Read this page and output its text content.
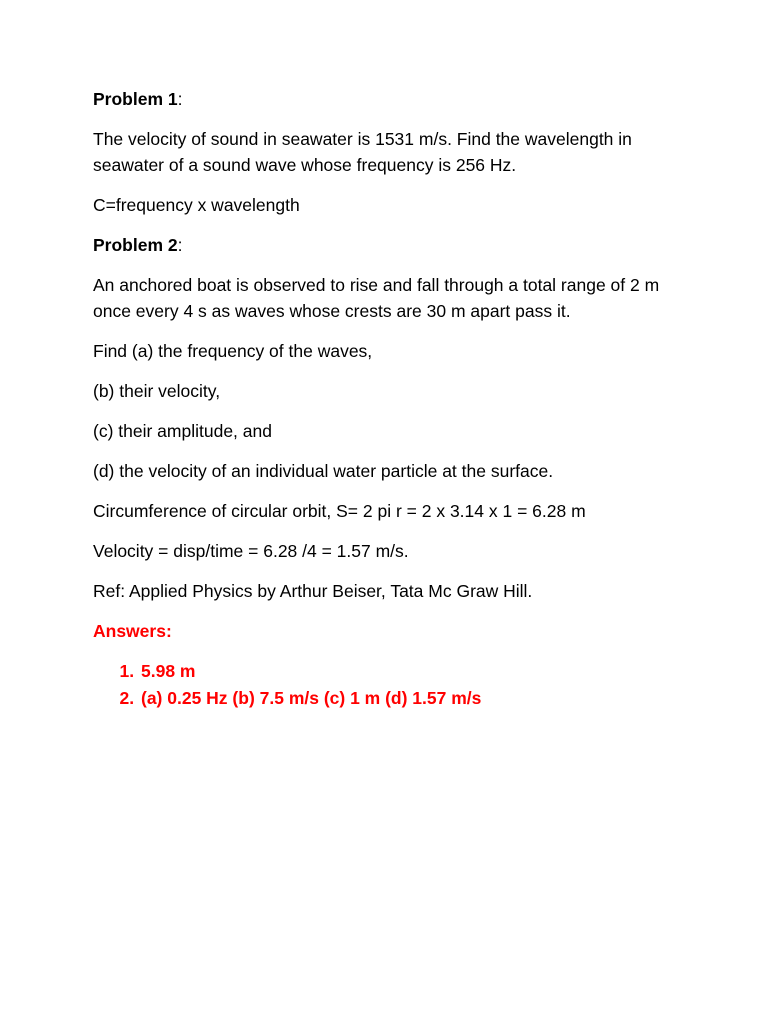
Problem 1:

The velocity of sound in seawater is 1531 m/s. Find the wavelength in seawater of a sound wave whose frequency is 256 Hz.

C=frequency x wavelength

Problem 2:

An anchored boat is observed to rise and fall through a total range of 2 m once every 4 s as waves whose crests are 30 m apart pass it.

Find (a) the frequency of the waves,

(b) their velocity,

(c) their amplitude, and

(d) the velocity of an individual water particle at the surface.

Circumference of circular orbit, S= 2 pi r = 2 x 3.14 x 1 = 6.28 m

Velocity = disp/time = 6.28 /4 = 1.57 m/s.

Ref: Applied Physics by Arthur Beiser, Tata Mc Graw Hill.

Answers:

1. 5.98 m
2. (a) 0.25 Hz (b) 7.5 m/s (c) 1 m (d) 1.57 m/s
